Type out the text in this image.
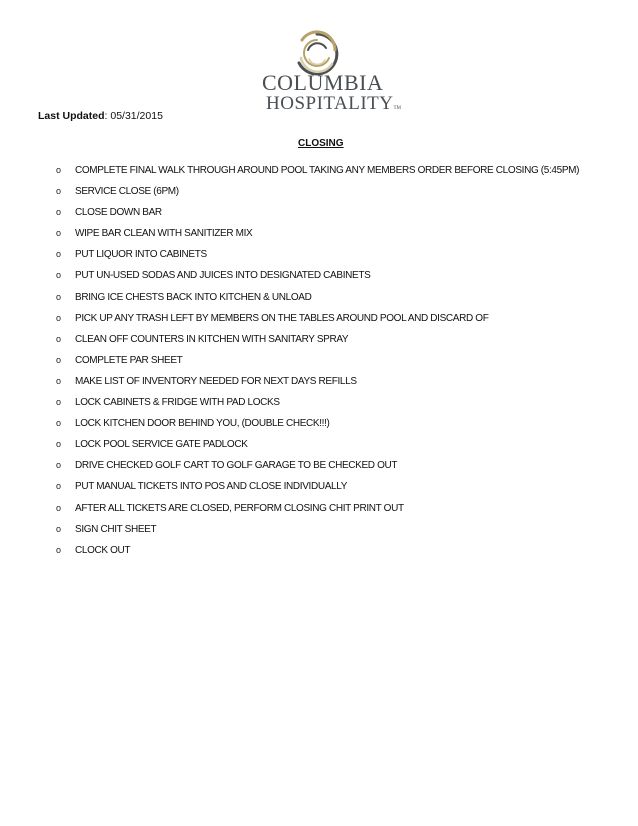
COLUMBIA
HOSPITALITYTM
Last Updated: 05/31/2015
CLOSING
o COMPLETE FINAL WALK THROUGH AROUND POOL TAKING ANY MEMBERS ORDER BEFORE CLOSING (5:45PM)
o SERVICE CLOSE (6PM)
o CLOSE DOWN BAR
o WIPE BAR CLEAN WITH SANITIZER MIX
o PUT LIQUOR INTO CABINETS
o PUT UN-USED SODAS AND JUICES INTO DESIGNATED CABINETS
o BRING ICE CHESTS BACK INTO KITCHEN & UNLOAD
o PICK UP ANY TRASH LEFT BY MEMBERS ON THE TABLES AROUND POOL AND DISCARD OF
o CLEAN OFF COUNTERS IN KITCHEN WITH SANITARY SPRAY
o COMPLETE PAR SHEET
o MAKE LIST OF INVENTORY NEEDED FOR NEXT DAYS REFILLS
o LOCK CABINETS & FRIDGE WITH PAD LOCKS
o LOCK KITCHEN DOOR BEHIND YOU, (DOUBLE CHECK!!!)
o LOCK POOL SERVICE GATE PADLOCK
o DRIVE CHECKED GOLF CART TO GOLF GARAGE TO BE CHECKED OUT
o PUT MANUAL TICKETS INTO POS AND CLOSE INDIVIDUALLY
o AFTER ALL TICKETS ARE CLOSED, PERFORM CLOSING CHIT PRINT OUT
o SIGN CHIT SHEET
o CLOCK OUT
